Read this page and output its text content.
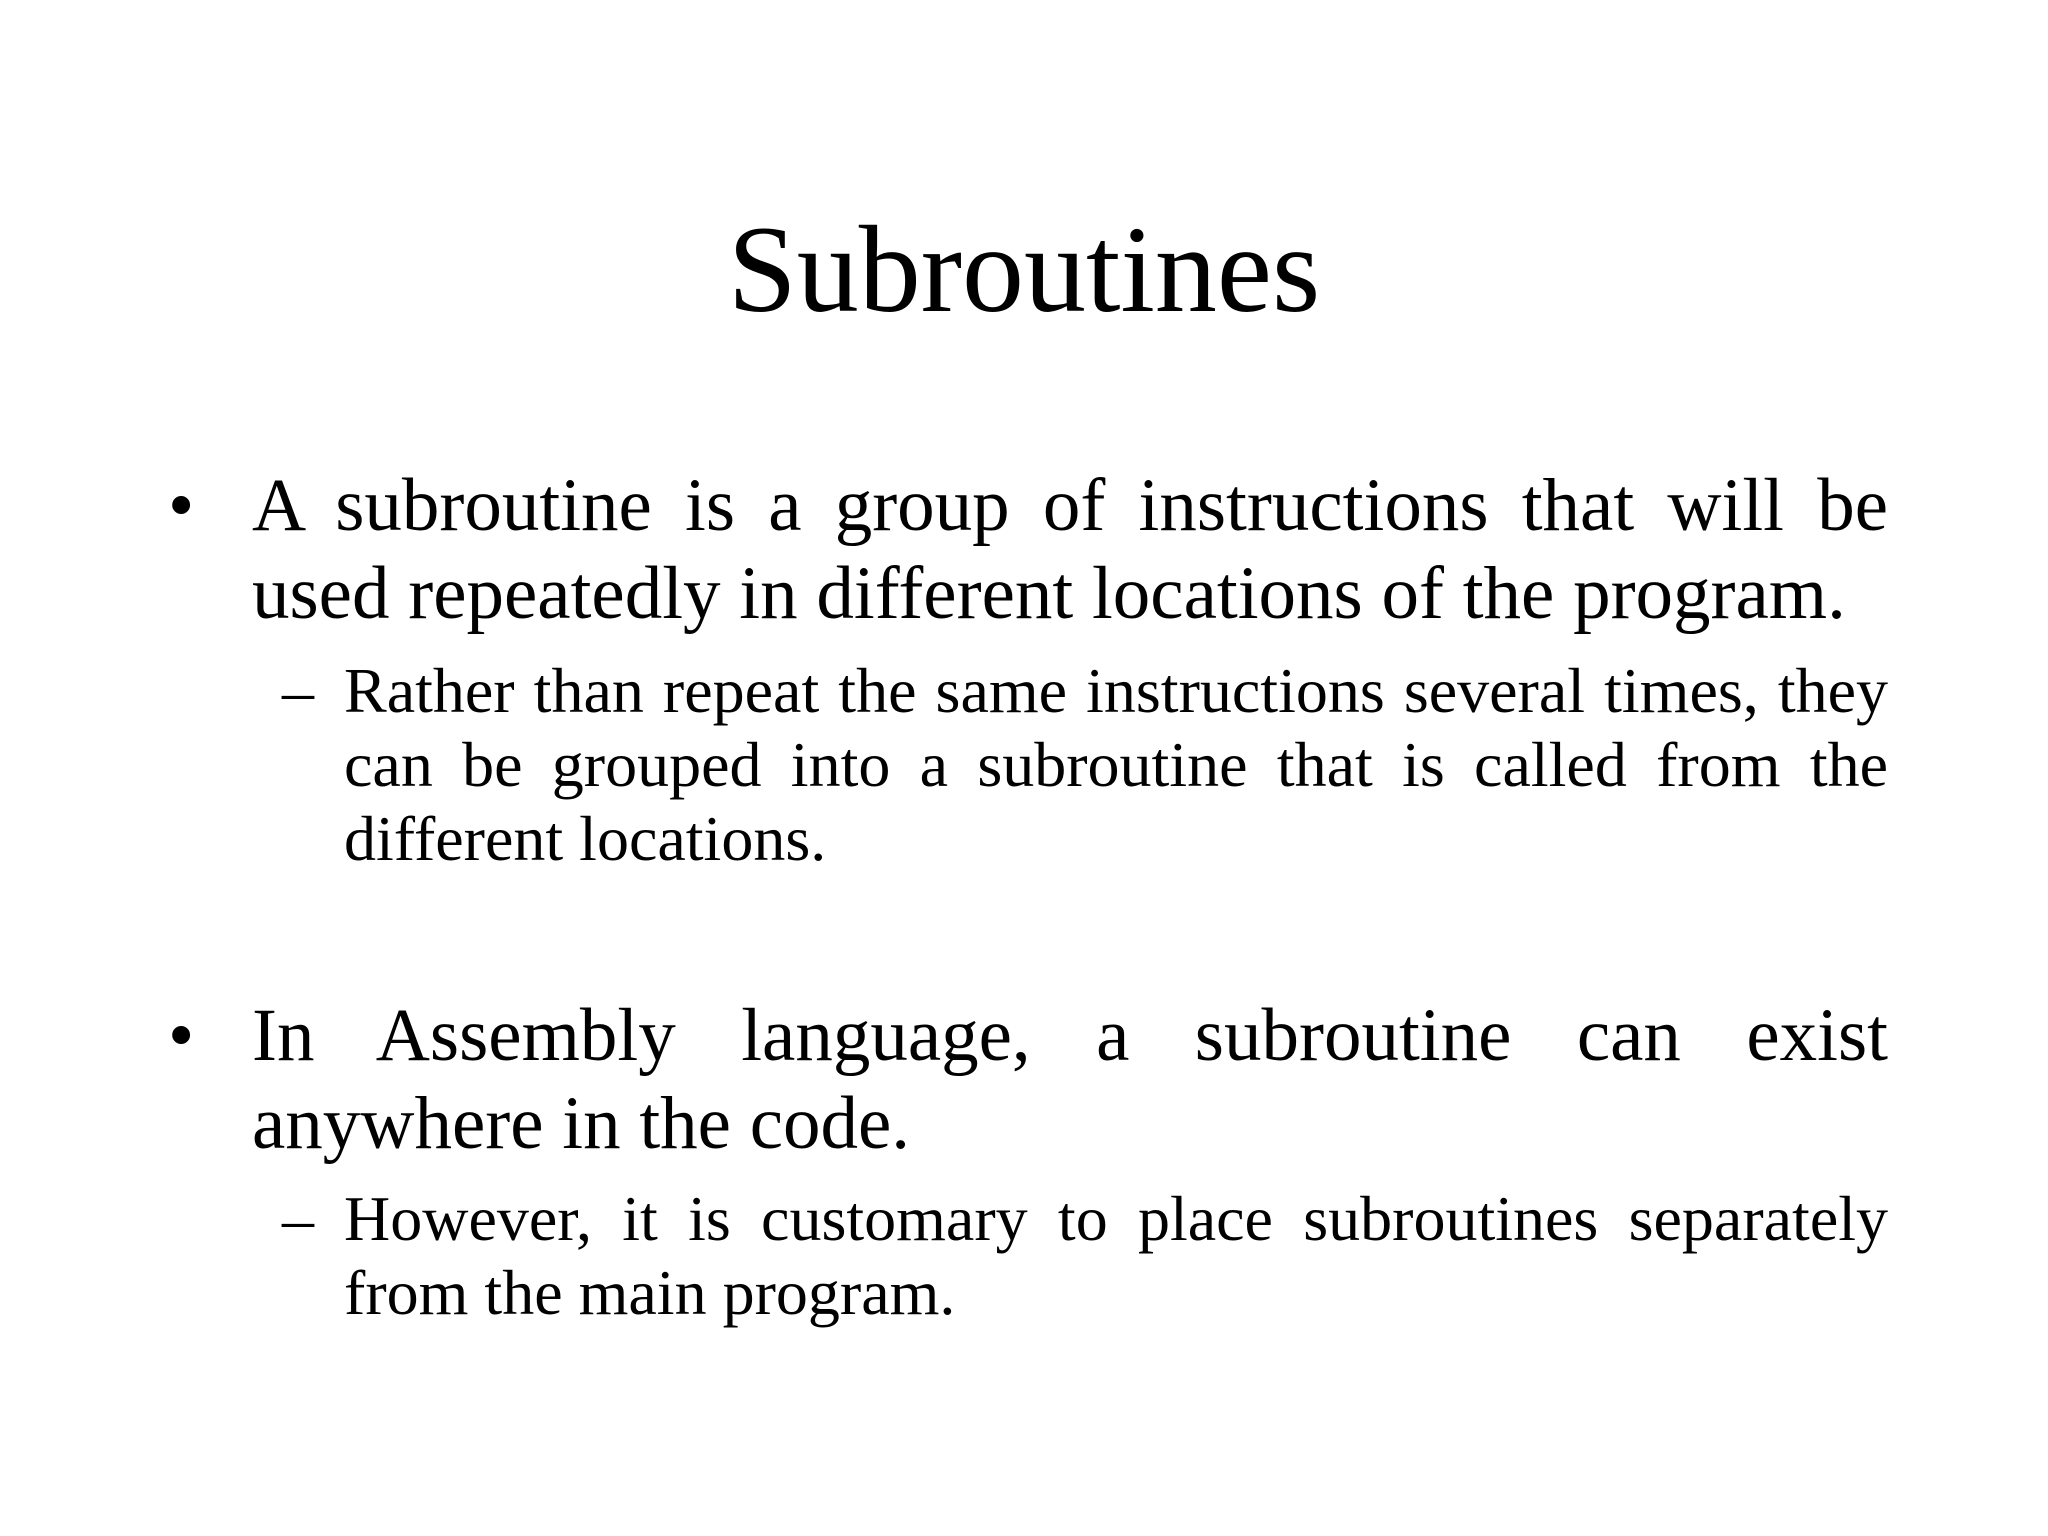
Subroutines
• A subroutine is a group of instructions that will be used repeatedly in different locations of the program.
– Rather than repeat the same instructions several times, they can be grouped into a subroutine that is called from the different locations.
• In Assembly language, a subroutine can exist anywhere in the code.
– However, it is customary to place subroutines separately from the main program.
